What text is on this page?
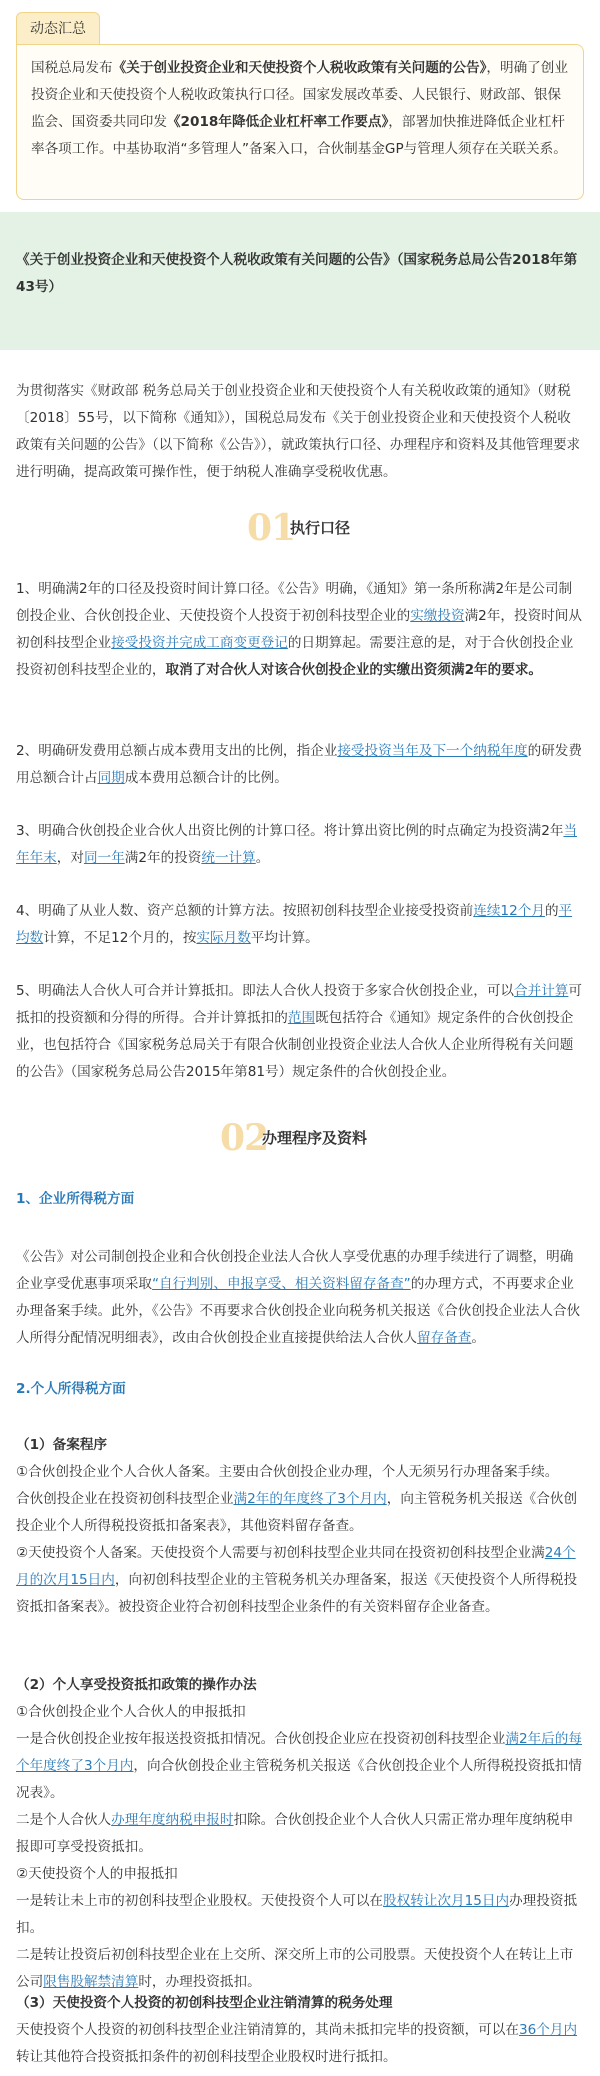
动态汇总
国税总局发布《关于创业投资企业和天使投资个人税收政策有关问题的公告》，明确了创业投资企业和天使投资个人税收政策执行口径。国家发展改革委、人民银行、财政部、银保监会、国资委共同印发《2018年降低企业杠杆率工作要点》，部署加快推进降低企业杠杆率各项工作。中基协取消“多管理人”备案入口，合伙制基金GP与管理人须存在关联关系。
《关于创业投资企业和天使投资个人税收政策有关问题的公告》（国家税务总局公告2018年第43号）
为贯彻落实《财政部 税务总局关于创业投资企业和天使投资个人有关税收政策的通知》（财税〔2018〕55号，以下简称《通知》），国税总局发布《关于创业投资企业和天使投资个人税收政策有关问题的公告》（以下简称《公告》），就政策执行口径、办理程序和资料及其他管理要求进行明确，提高政策可操作性，便于纳税人准确享受税收优惠。
01
执行口径
1、明确满2年的口径及投资时间计算口径。《公告》明确，《通知》第一条所称满2年是公司制创投企业、合伙创投企业、天使投资个人投资于初创科技型企业的实缴投资满2年，投资时间从初创科技型企业接受投资并完成工商变更登记的日期算起。需要注意的是，对于合伙创投企业投资初创科技型企业的，取消了对合伙人对该合伙创投企业的实缴出资须满2年的要求。
2、明确研发费用总额占成本费用支出的比例，指企业接受投资当年及下一个纳税年度的研发费用总额合计占同期成本费用总额合计的比例。
3、明确合伙创投企业合伙人出资比例的计算口径。将计算出资比例的时点确定为投资满2年当年年末，对同一年满2年的投资统一计算。
4、明确了从业人数、资产总额的计算方法。按照初创科技型企业接受投资前连续12个月的平均数计算，不足12个月的，按实际月数平均计算。
5、明确法人合伙人可合并计算抵扣。即法人合伙人投资于多家合伙创投企业，可以合并计算可抵扣的投资额和分得的所得。合并计算抵扣的范围既包括符合《通知》规定条件的合伙创投企业，也包括符合《国家税务总局关于有限合伙制创业投资企业法人合伙人企业所得税有关问题的公告》（国家税务总局公告2015年第81号）规定条件的合伙创投企业。
02
办理程序及资料
1、企业所得税方面
《公告》对公司制创投企业和合伙创投企业法人合伙人享受优惠的办理手续进行了调整，明确企业享受优惠事项采取“自行判别、申报享受、相关资料留存备查”的办理方式，不再要求企业办理备案手续。此外，《公告》不再要求合伙创投企业向税务机关报送《合伙创投企业法人合伙人所得分配情况明细表》，改由合伙创投企业直接提供给法人合伙人留存备查。
2.个人所得税方面
（1）备案程序
①合伙创投企业个人合伙人备案。主要由合伙创投企业办理，个人无须另行办理备案手续。
合伙创投企业在投资初创科技型企业满2年的年度终了3个月内，向主管税务机关报送《合伙创投企业个人所得税投资抵扣备案表》，其他资料留存备查。
②天使投资个人备案。天使投资个人需要与初创科技型企业共同在投资初创科技型企业满24个月的次月15日内，向初创科技型企业的主管税务机关办理备案，报送《天使投资个人所得税投资抵扣备案表》。被投资企业符合初创科技型企业条件的有关资料留存企业备查。
（2）个人享受投资抵扣政策的操作办法
①合伙创投企业个人合伙人的申报抵扣
一是合伙创投企业按年报送投资抵扣情况。合伙创投企业应在投资初创科技型企业满2年后的每个年度终了3个月内，向合伙创投企业主管税务机关报送《合伙创投企业个人所得税投资抵扣情况表》。
二是个人合伙人办理年度纳税申报时扣除。合伙创投企业个人合伙人只需正常办理年度纳税申报即可享受投资抵扣。
②天使投资个人的申报抵扣
一是转让未上市的初创科技型企业股权。天使投资个人可以在股权转让次月15日内办理投资抵扣。
二是转让投资后初创科技型企业在上交所、深交所上市的公司股票。天使投资个人在转让上市公司限售股解禁清算时，办理投资抵扣。
（3）天使投资个人投资的初创科技型企业注销清算的税务处理
天使投资个人投资的初创科技型企业注销清算的，其尚未抵扣完毕的投资额，可以在36个月内转让其他符合投资抵扣条件的初创科技型企业股权时进行抵扣。
